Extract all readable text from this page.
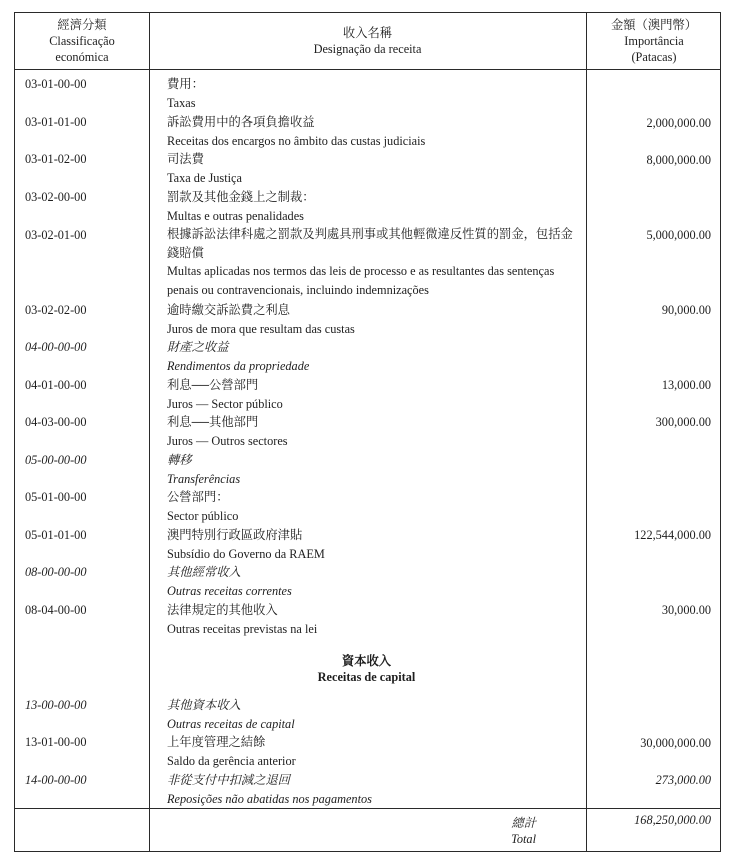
經濟分類
Classificação
económica
收入名稱
Designação da receita
金額（澳門幣）
Importância
(Patacas)
03-01-00-00	費用：
Taxas
03-01-01-00	訴訟費用中的各項負擔收益
Receitas dos encargos no âmbito das custas judiciais
2,000,000.00
03-01-02-00	司法費
Taxa de Justiça
8,000,000.00
03-02-00-00	罰款及其他金錢上之制裁：
Multas e outras penalidades
03-02-01-00	根據訴訟法律科處之罰款及判處具刑事或其他輕微違反性質的罰金，包括金錢賠償
Multas aplicadas nos termos das leis de processo e as resultantes das sentenças penais ou contravencionais, incluindo indemnizações
5,000,000.00
03-02-02-00	逾時繳交訴訟費之利息
Juros de mora que resultam das custas
90,000.00
04-00-00-00	財產之收益
Rendimentos da propriedade
04-01-00-00	利息──公營部門
Juros — Sector público
13,000.00
04-03-00-00	利息──其他部門
Juros — Outros sectores
300,000.00
05-00-00-00	轉移
Transferências
05-01-00-00	公營部門：
Sector público
05-01-01-00	澳門特別行政區政府津貼
Subsídio do Governo da RAEM
122,544,000.00
08-00-00-00	其他經常收入
Outras receitas correntes
08-04-00-00	法律規定的其他收入
Outras receitas previstas na lei
30,000.00
資本收入
Receitas de capital
13-00-00-00	其他資本收入
Outras receitas de capital
13-01-00-00	上年度管理之結餘
Saldo da gerência anterior
30,000,000.00
14-00-00-00	非從支付中扣減之退回
Reposições não abatidas nos pagamentos
273,000.00
總計
Total
168,250,000.00
